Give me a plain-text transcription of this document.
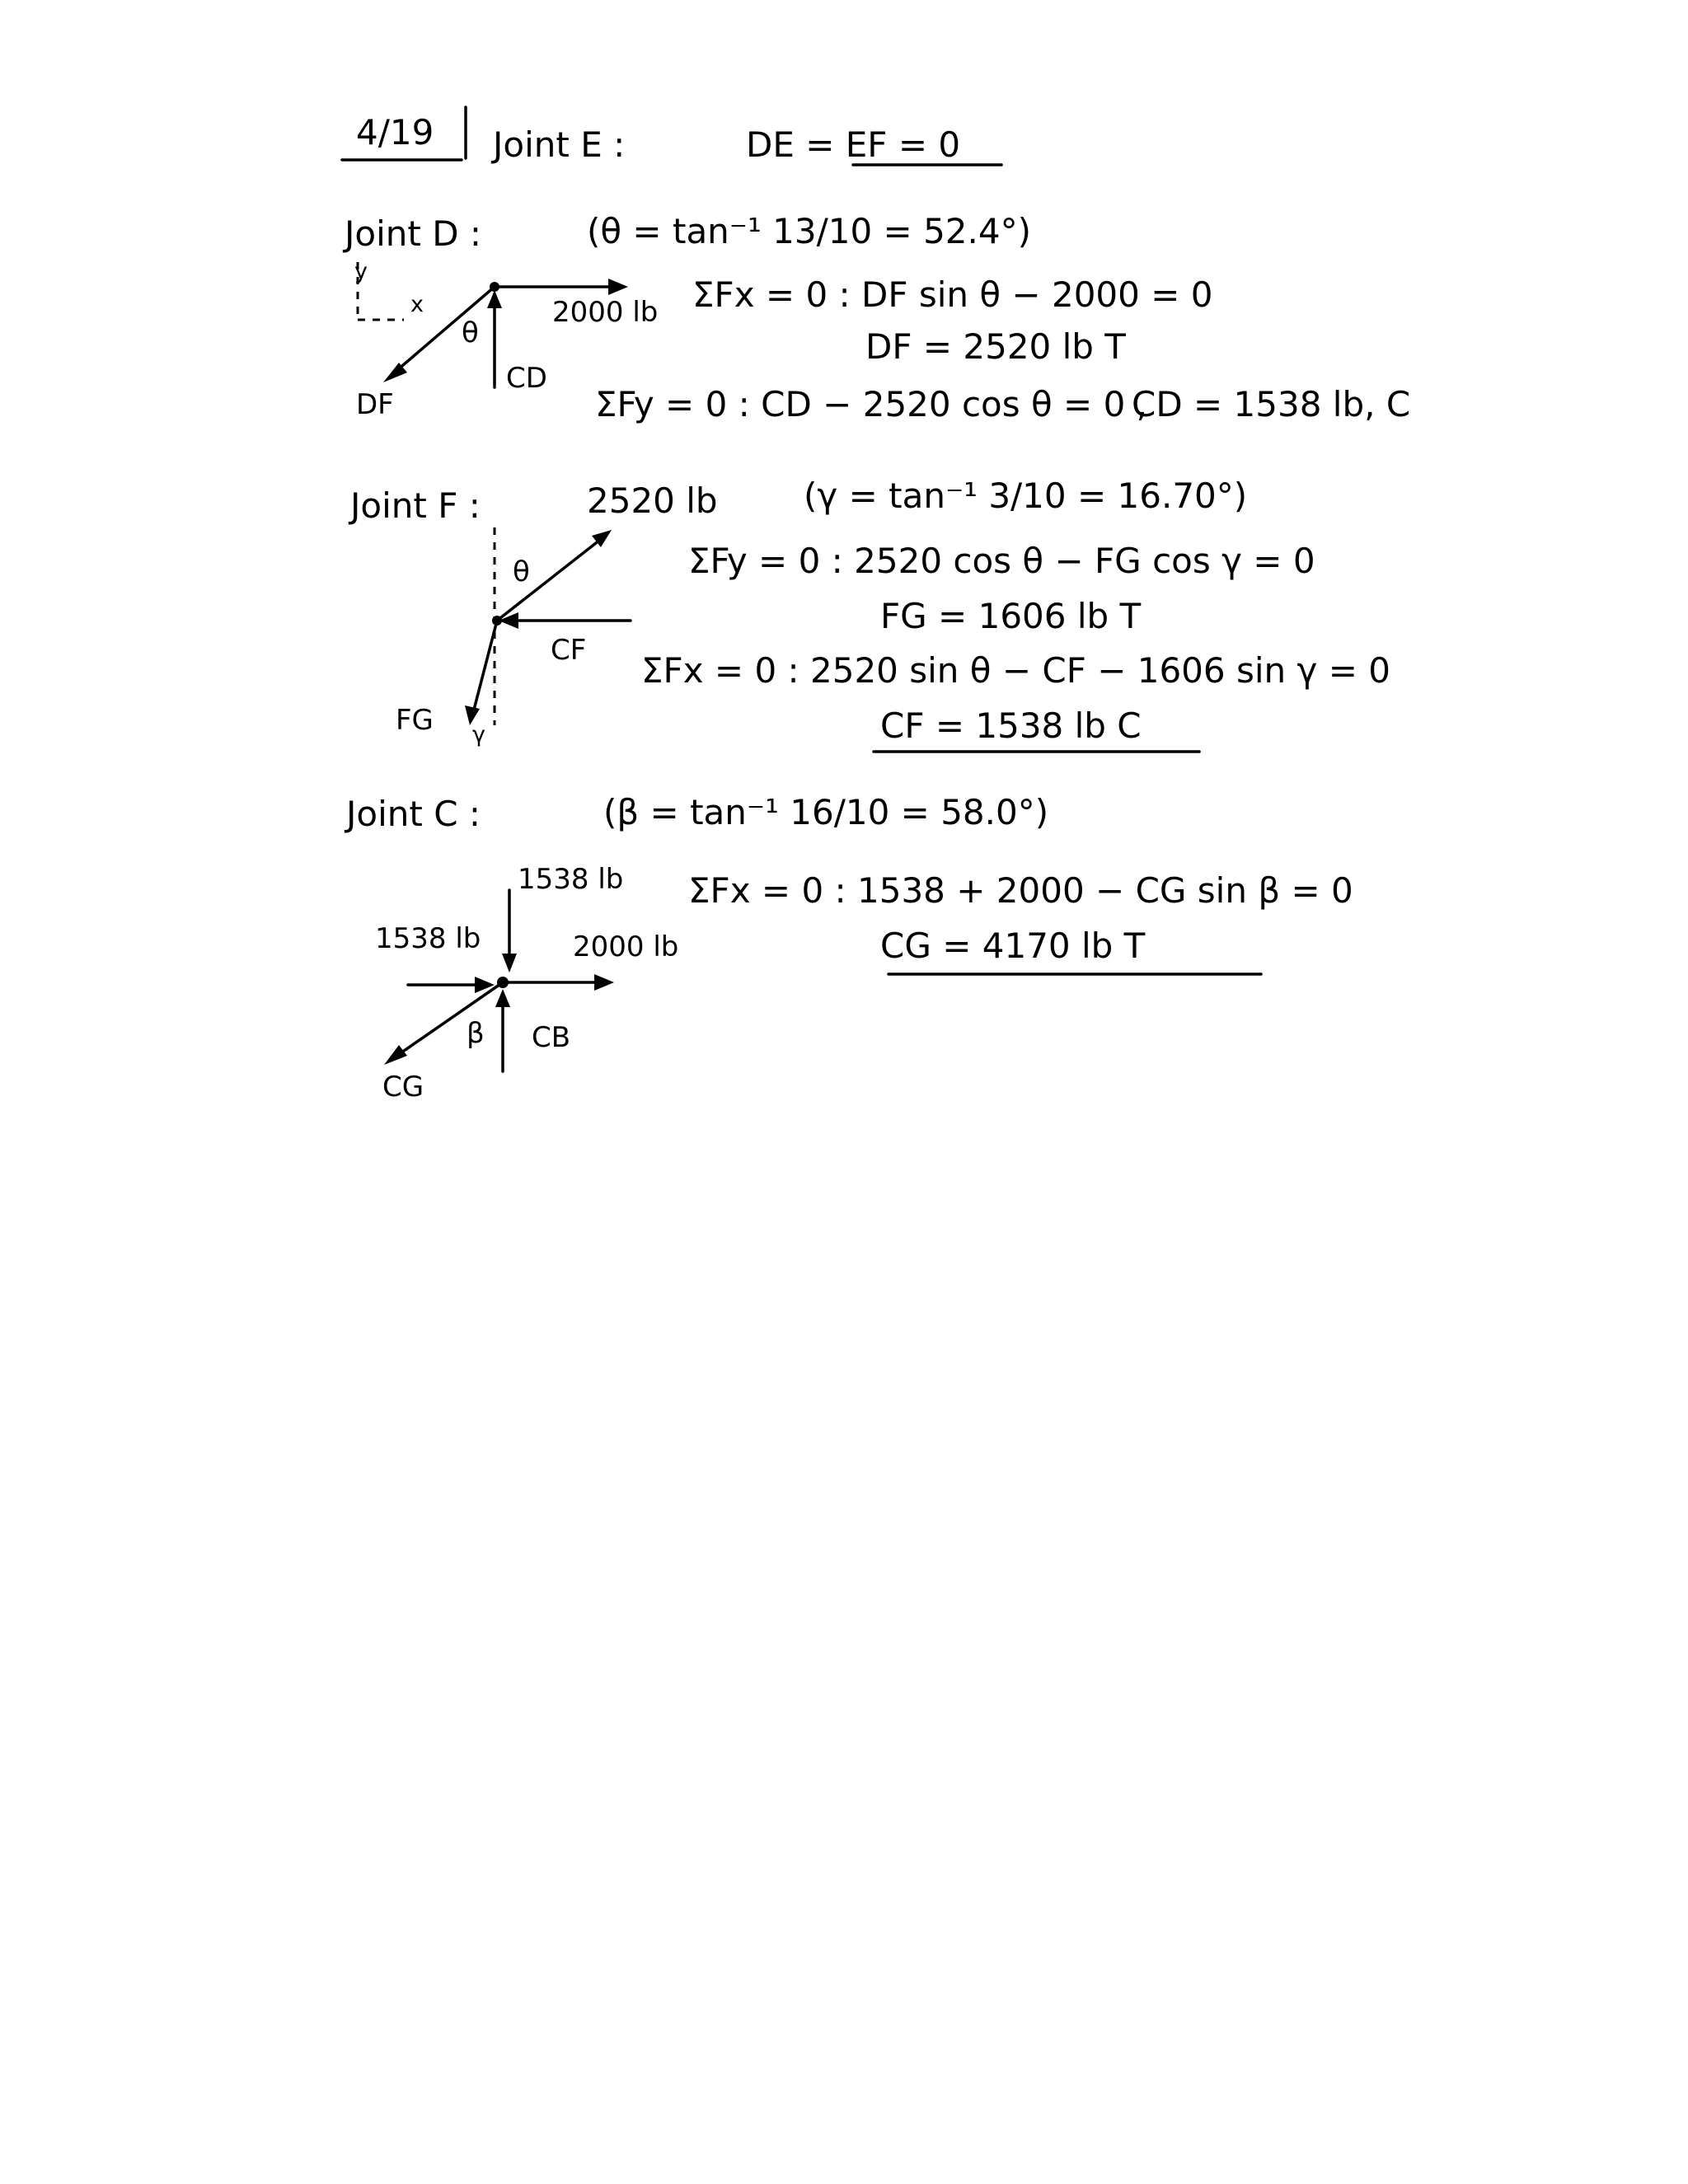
4/19 Joint E :	DE = EF = 0
Joint D :	(θ = tan⁻¹ 13/10 = 52.4°)
y
x	2000 lb
DF
θ
CD
ΣFx = 0 : DF sin θ − 2000 = 0
DF = 2520 lb T
ΣFy = 0 : CD − 2520 cos θ = 0 ,
CD = 1538 lb, C
Joint F :	2520 lb (γ = tan⁻¹ 3/10 = 16.70°)
θ
CF
FG γ
ΣFy = 0 : 2520 cos θ − FG cos γ = 0
FG = 1606 lb T
ΣFx = 0 : 2520 sin θ − CF − 1606 sin γ = 0
CF = 1538 lb C
Joint C :	(β = tan⁻¹ 16/10 = 58.0°)
1538 lb
1538 lb	2000 lb
CG
β CB
ΣFx = 0 : 1538 + 2000 − CG sin β = 0
CG = 4170 lb T
